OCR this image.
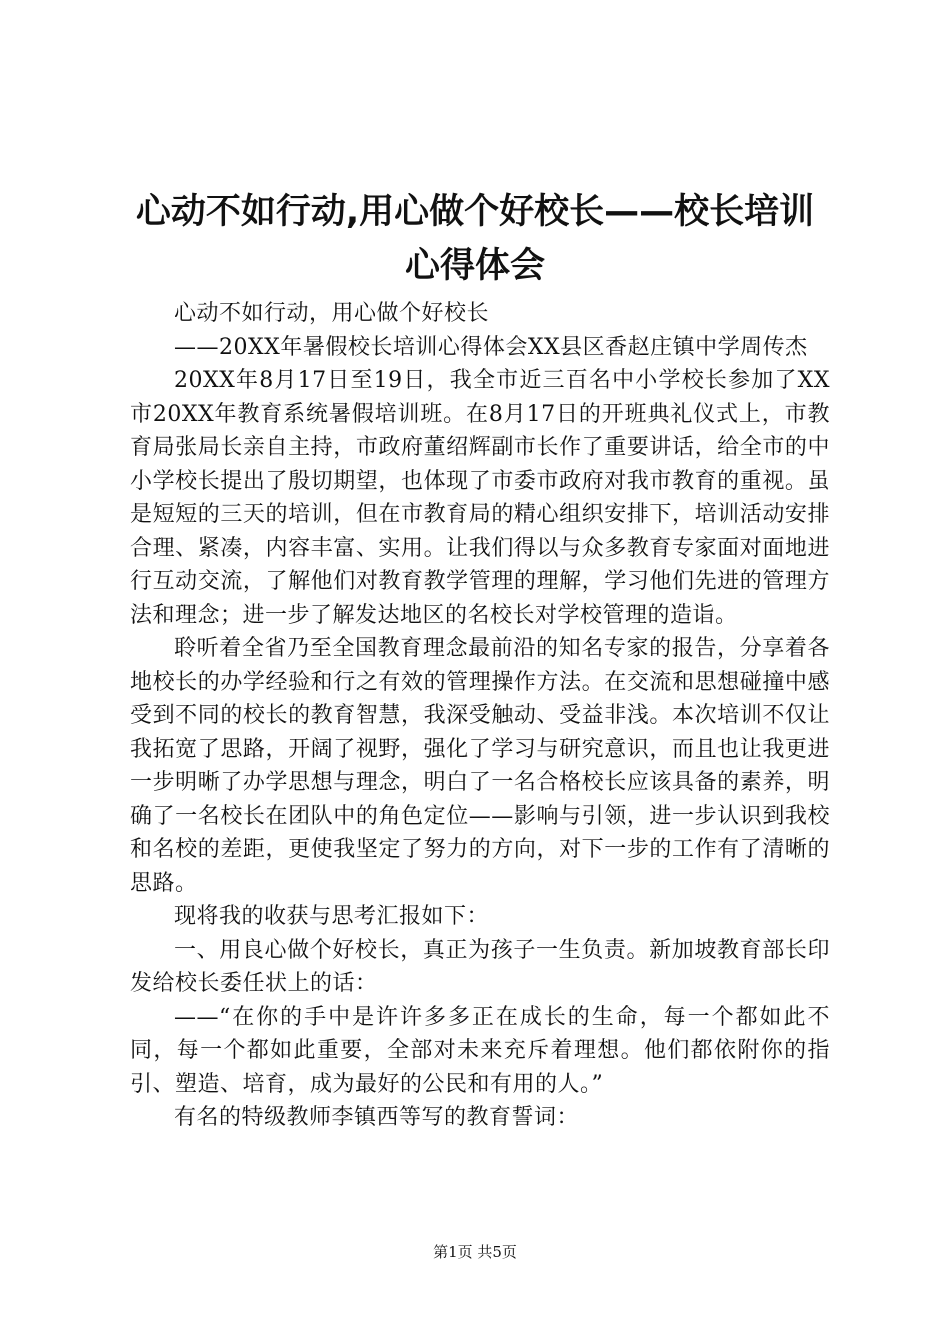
心动不如行动,用心做个好校长——校长培训心得体会

心动不如行动，用心做个好校长

——20XX年暑假校长培训心得体会XX县区香赵庄镇中学周传杰

20XX年8月17日至19日，我全市近三百名中小学校长参加了XX市20XX年教育系统暑假培训班。在8月17日的开班典礼仪式上，市教育局张局长亲自主持，市政府董绍辉副市长作了重要讲话，给全市的中小学校长提出了殷切期望，也体现了市委市政府对我市教育的重视。虽是短短的三天的培训，但在市教育局的精心组织安排下，培训活动安排合理、紧凑，内容丰富、实用。让我们得以与众多教育专家面对面地进行互动交流，了解他们对教育教学管理的理解，学习他们先进的管理方法和理念；进一步了解发达地区的名校长对学校管理的造诣。

聆听着全省乃至全国教育理念最前沿的知名专家的报告，分享着各地校长的办学经验和行之有效的管理操作方法。在交流和思想碰撞中感受到不同的校长的教育智慧，我深受触动、受益非浅。本次培训不仅让我拓宽了思路，开阔了视野，强化了学习与研究意识，而且也让我更进一步明晰了办学思想与理念，明白了一名合格校长应该具备的素养，明确了一名校长在团队中的角色定位——影响与引领，进一步认识到我校和名校的差距，更使我坚定了努力的方向，对下一步的工作有了清晰的思路。

现将我的收获与思考汇报如下：

一、用良心做个好校长，真正为孩子一生负责。新加坡教育部长印发给校长委任状上的话：

——“在你的手中是许许多多正在成长的生命，每一个都如此不同，每一个都如此重要，全部对未来充斥着理想。他们都依附你的指引、塑造、培育，成为最好的公民和有用的人。”

有名的特级教师李镇西等写的教育誓词：

第1页 共5页
